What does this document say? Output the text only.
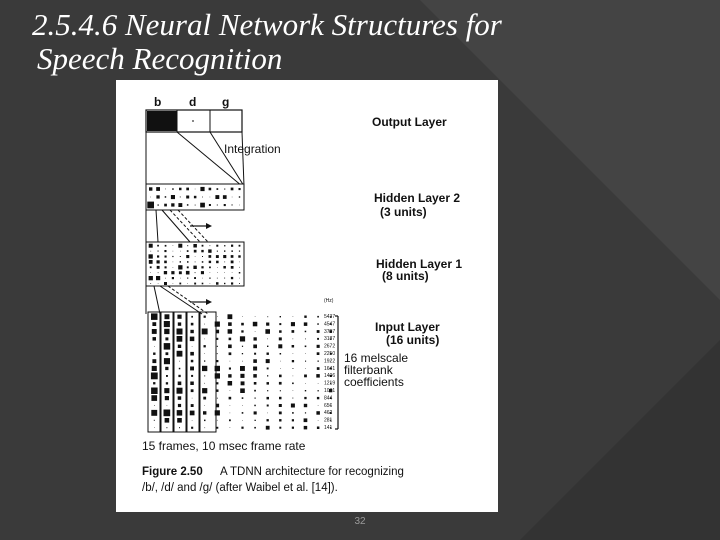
2.5.4.6 Neural Network Structures for
Speech Recognition
b d g
Output Layer
Integration
Hidden Layer 2
(3 units)
Hidden Layer 1
(8 units)
(Hz)
5437
4547
3797
3187
2672
2250
1922
1641
1406
1219
1031
844
656
462
281
141
Input Layer
(16 units)
16 melscale
filterbank
coefficients
15 frames, 10 msec frame rate
Figure 2.50 A TDNN architecture for recognizing
/b/, /d/ and /g/ (after Waibel et al. [14]).
32
